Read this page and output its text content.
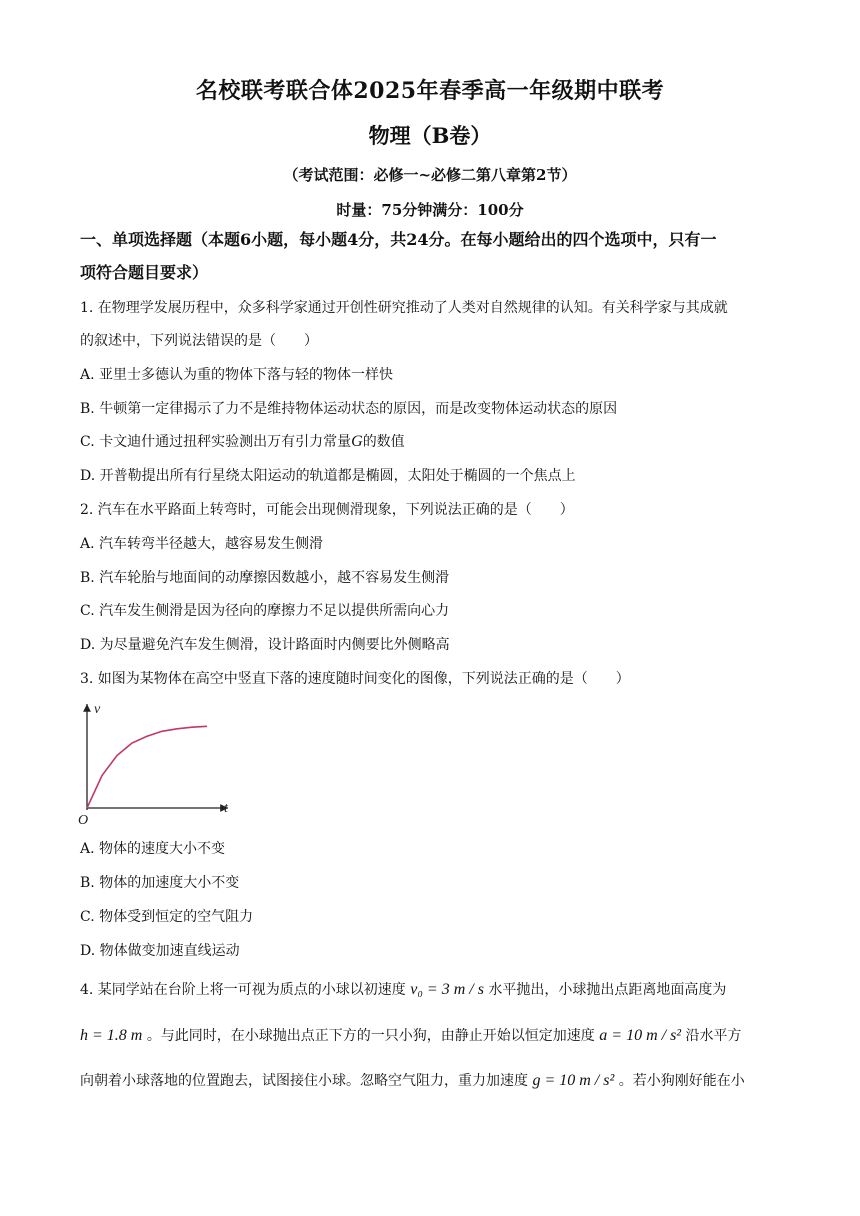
名校联考联合体2025年春季高一年级期中联考
物理（B卷）
（考试范围：必修一~必修二第八章第2节）
时量：75分钟满分：100分
一、单项选择题（本题6小题，每小题4分，共24分。在每小题给出的四个选项中，只有一
项符合题目要求）
1. 在物理学发展历程中，众多科学家通过开创性研究推动了人类对自然规律的认知。有关科学家与其成就
的叙述中，下列说法错误的是（　　）
A. 亚里士多德认为重的物体下落与轻的物体一样快
B. 牛顿第一定律揭示了力不是维持物体运动状态的原因，而是改变物体运动状态的原因
C. 卡文迪什通过扭秤实验测出万有引力常量G的数值
D. 开普勒提出所有行星绕太阳运动的轨道都是椭圆，太阳处于椭圆的一个焦点上
2. 汽车在水平路面上转弯时，可能会出现侧滑现象，下列说法正确的是（　　）
A. 汽车转弯半径越大，越容易发生侧滑
B. 汽车轮胎与地面间的动摩擦因数越小，越不容易发生侧滑
C. 汽车发生侧滑是因为径向的摩擦力不足以提供所需向心力
D. 为尽量避免汽车发生侧滑，设计路面时内侧要比外侧略高
3. 如图为某物体在高空中竖直下落的速度随时间变化的图像，下列说法正确的是（　　）
v
t
O
A. 物体的速度大小不变
B. 物体的加速度大小不变
C. 物体受到恒定的空气阻力
D. 物体做变加速直线运动
4. 某同学站在台阶上将一可视为质点的小球以初速度 v₀ = 3 m / s 水平抛出，小球抛出点距离地面高度为
h = 1.8 m 。与此同时，在小球抛出点正下方的一只小狗，由静止开始以恒定加速度 a = 10 m / s² 沿水平方
向朝着小球落地的位置跑去，试图接住小球。忽略空气阻力，重力加速度 g = 10 m / s² 。若小狗刚好能在小
